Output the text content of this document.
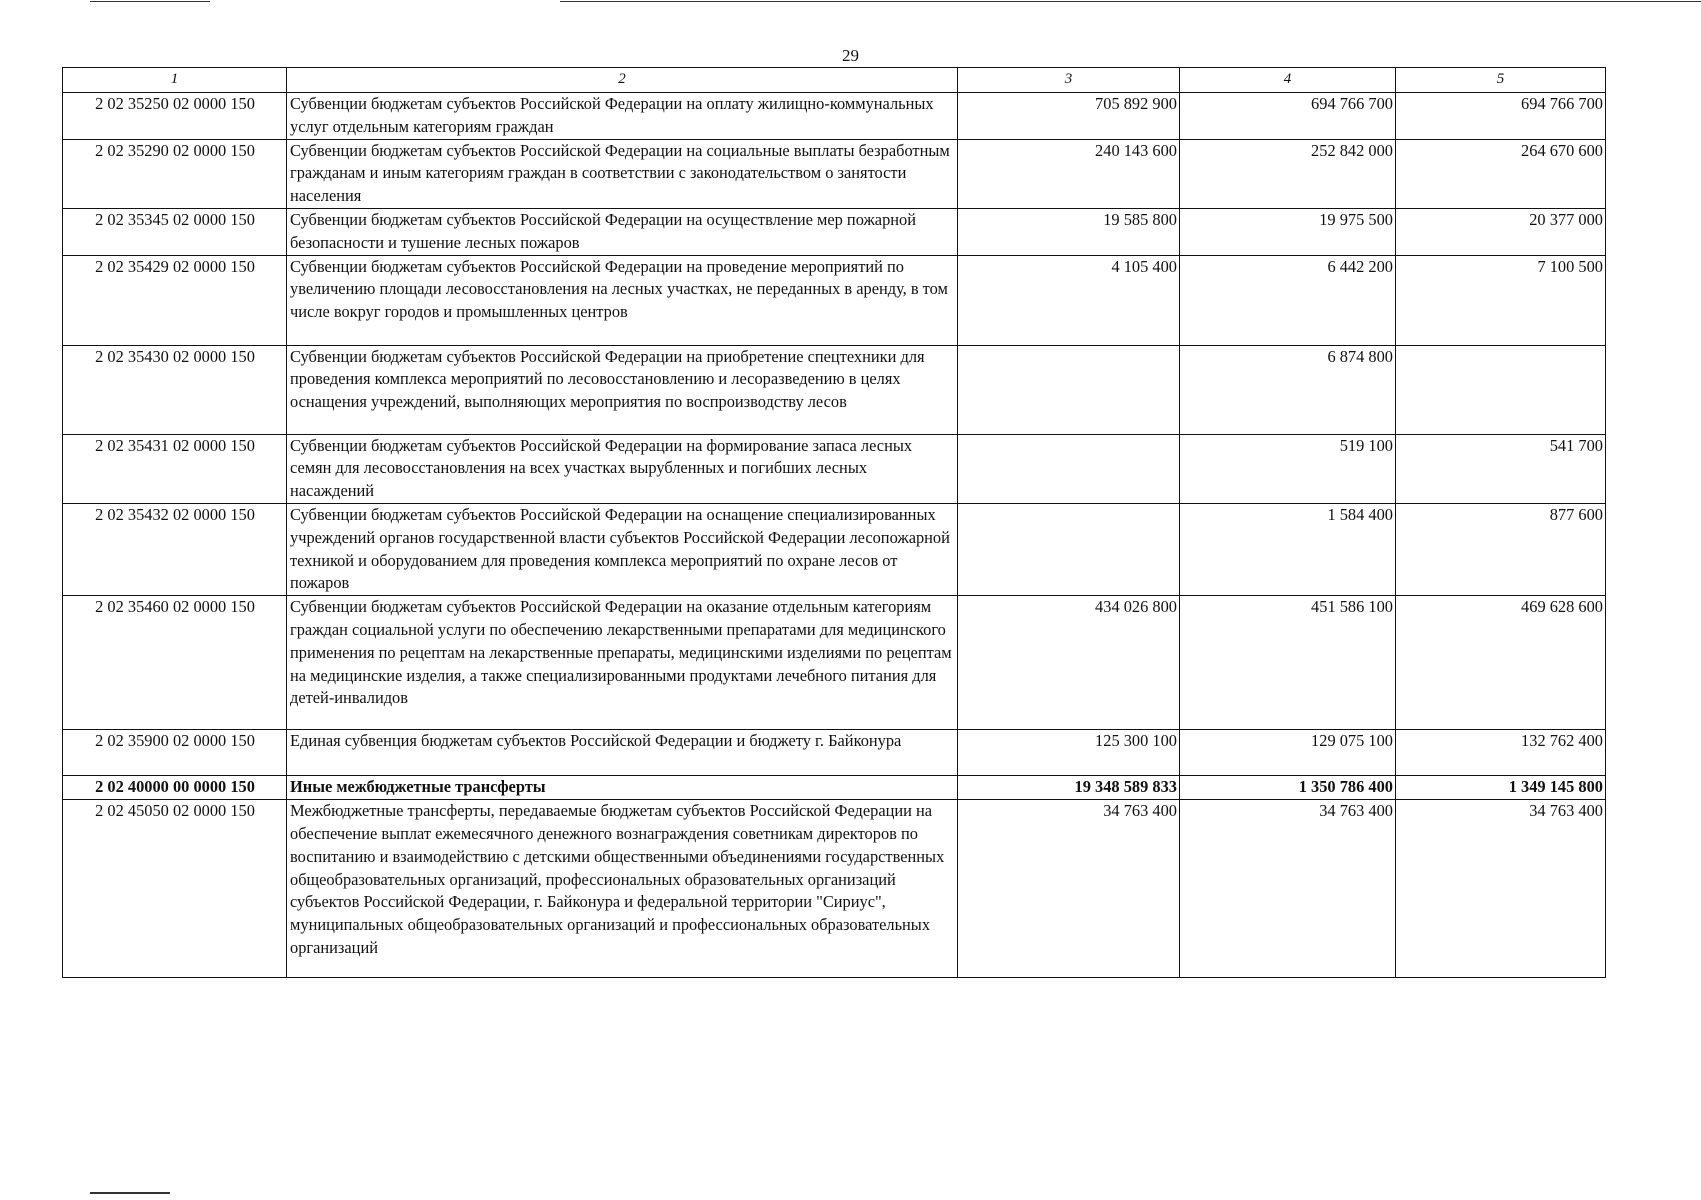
29
1	2	3	4	5
2 02 35250 02 0000 150	Субвенции бюджетам субъектов Российской Федерации на оплату жилищно-коммунальных услуг отдельным категориям граждан	705 892 900	694 766 700	694 766 700
2 02 35290 02 0000 150	Субвенции бюджетам субъектов Российской Федерации на социальные выплаты безработным гражданам и иным категориям граждан в соответствии с законодательством о занятости населения	240 143 600	252 842 000	264 670 600
2 02 35345 02 0000 150	Субвенции бюджетам субъектов Российской Федерации на осуществление мер пожарной безопасности и тушение лесных пожаров	19 585 800	19 975 500	20 377 000
2 02 35429 02 0000 150	Субвенции бюджетам субъектов Российской Федерации на проведение мероприятий по увеличению площади лесовосстановления на лесных участках, не переданных в аренду, в том числе вокруг городов и промышленных центров	4 105 400	6 442 200	7 100 500
2 02 35430 02 0000 150	Субвенции бюджетам субъектов Российской Федерации на приобретение спецтехники для проведения комплекса мероприятий по лесовосстановлению и лесоразведению в целях оснащения учреждений, выполняющих мероприятия по воспроизводству лесов		6 874 800	
2 02 35431 02 0000 150	Субвенции бюджетам субъектов Российской Федерации на формирование запаса лесных семян для лесовосстановления на всех участках вырубленных и погибших лесных насаждений		519 100	541 700
2 02 35432 02 0000 150	Субвенции бюджетам субъектов Российской Федерации на оснащение специализированных учреждений органов государственной власти субъектов Российской Федерации лесопожарной техникой и оборудованием для проведения комплекса мероприятий по охране лесов от пожаров		1 584 400	877 600
2 02 35460 02 0000 150	Субвенции бюджетам субъектов Российской Федерации на оказание отдельным категориям граждан социальной услуги по обеспечению лекарственными препаратами для медицинского применения по рецептам на лекарственные препараты, медицинскими изделиями по рецептам на медицинские изделия, а также специализированными продуктами лечебного питания для детей-инвалидов	434 026 800	451 586 100	469 628 600
2 02 35900 02 0000 150	Единая субвенция бюджетам субъектов Российской Федерации и бюджету г. Байконура	125 300 100	129 075 100	132 762 400
2 02 40000 00 0000 150	Иные межбюджетные трансферты	19 348 589 833	1 350 786 400	1 349 145 800
2 02 45050 02 0000 150	Межбюджетные трансферты, передаваемые бюджетам субъектов Российской Федерации на обеспечение выплат ежемесячного денежного вознаграждения советникам директоров по воспитанию и взаимодействию с детскими общественными объединениями государственных общеобразовательных организаций, профессиональных образовательных организаций субъектов Российской Федерации, г. Байконура и федеральной территории "Сириус", муниципальных общеобразовательных организаций и профессиональных образовательных организаций	34 763 400	34 763 400	34 763 400
